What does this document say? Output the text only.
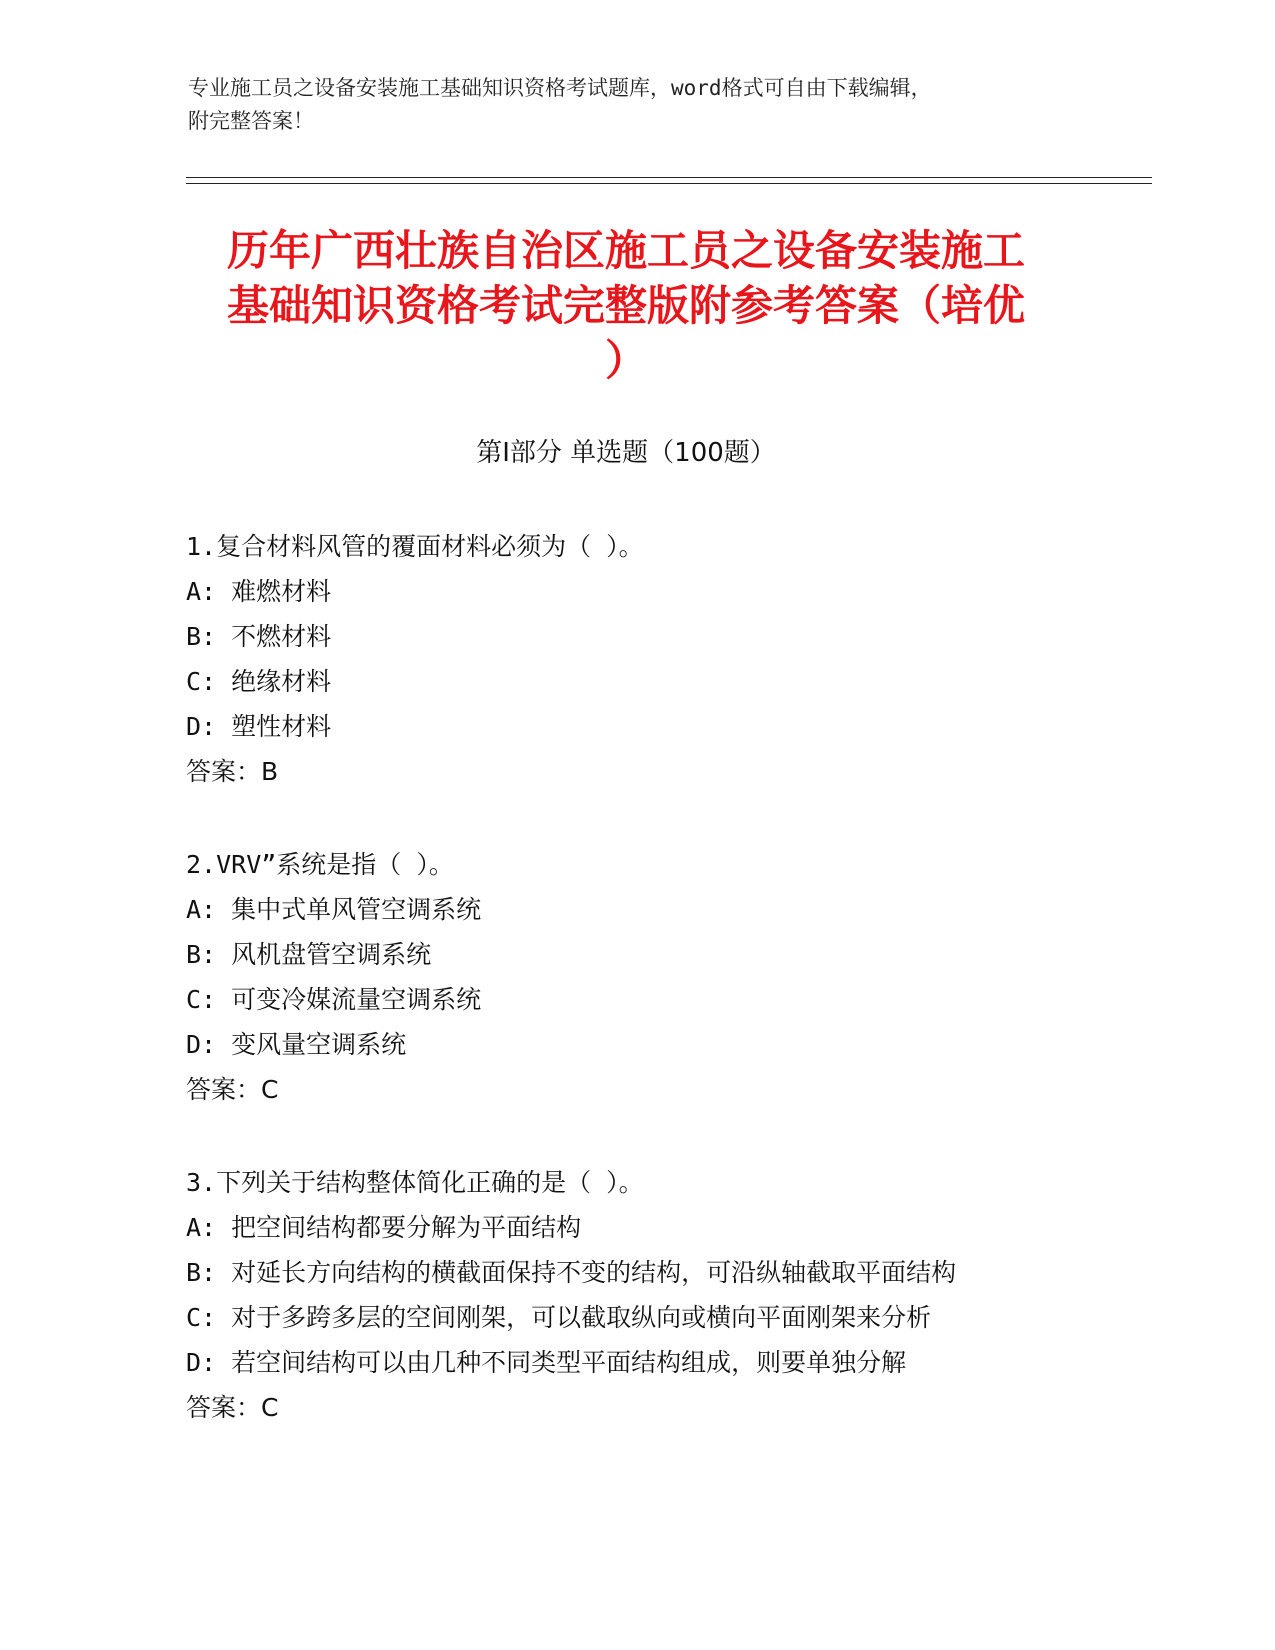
专业施工员之设备安装施工基础知识资格考试题库，word格式可自由下载编辑，
附完整答案！
历年广西壮族自治区施工员之设备安装施工
基础知识资格考试完整版附参考答案（培优
）
第Ⅰ部分 单选题（100题）
1.复合材料风管的覆面材料必须为（ ）。
A: 难燃材料
B: 不燃材料
C: 绝缘材料
D: 塑性材料
答案：B
2.VRV”系统是指（ ）。
A: 集中式单风管空调系统
B: 风机盘管空调系统
C: 可变冷媒流量空调系统
D: 变风量空调系统
答案：C
3.下列关于结构整体简化正确的是（ ）。
A: 把空间结构都要分解为平面结构
B: 对延长方向结构的横截面保持不变的结构，可沿纵轴截取平面结构
C: 对于多跨多层的空间刚架，可以截取纵向或横向平面刚架来分析
D: 若空间结构可以由几种不同类型平面结构组成，则要单独分解
答案：C
